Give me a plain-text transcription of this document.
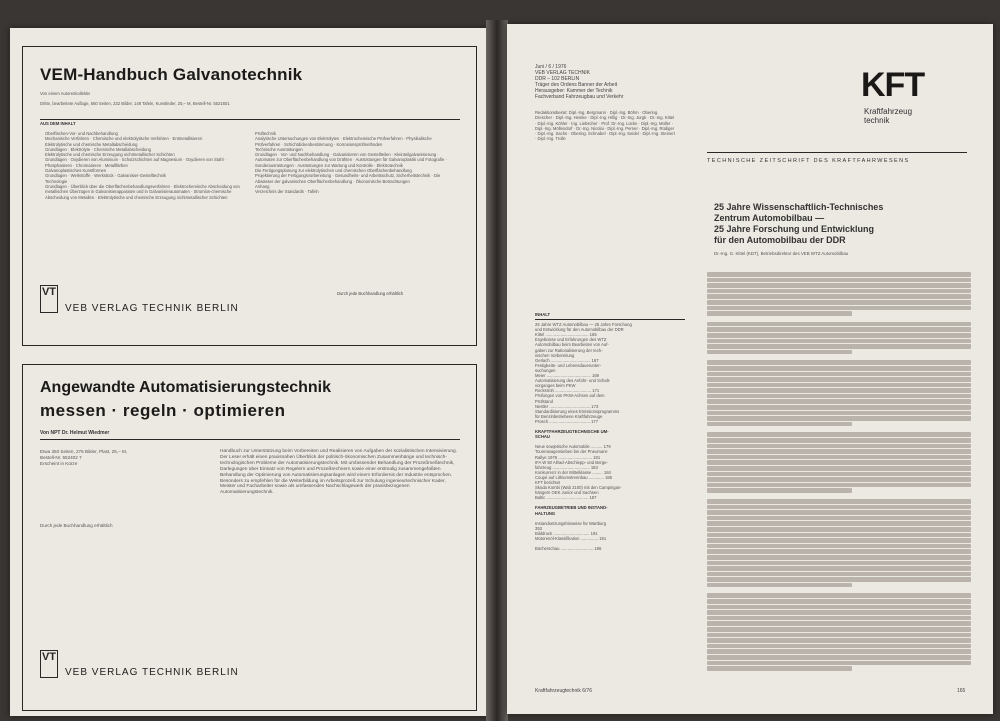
VEM-Handbuch Galvanotechnik
Von einem Autorenkollektiv
Dritte, bearbeitete Auflage, 560 Seiten, 232 Bilder, 148 Tafeln, Kunstleder, 25,– M, Bestell-Nr. 5521601
AUS DEM INHALT
Oberflächen-Vor- und Nachbehandlung
Mechanische Verfahren · Chemische und elektrolytische Verfahren · Entmetallisieren
Elektrolytische und chemische Metallabscheidung
Grundlagen · Elektrolyte · Chemische Metallabscheidung
Elektrolytische und chemische Erzeugung nichtmetallischer Schichten
Grundlagen · Oxydieren von Aluminium · Schutzschichten auf Magnesium · Oxydieren von Stahl · Phosphatieren · Chromatieren · Metallfärben
Galvanoplastisches Kunstformen
Grundlagen · Werkstoffe · Werkstück · Galvanisier-Gestelltechnik
Technologie
Grundlagen · Überblick über die Oberflächenbehandlungsverfahren · Elektrochemische Abscheidung von metallischen Überzügen in Galvanisierapparaten und in Galvanisierautomaten · Stromlos-chemische Abscheidung von Metallen · Elektrolytische und chemische Erzeugung nichtmetallischer Schichten
Prüftechnik
Analytische Untersuchungen von Elektrolyten · Elektrochemische Prüfverfahren · Physikalische Prüfverfahren · Schichtdickenbestimmung · Korrosionsprüfmethoden
Technische Ausrüstungen
Grundlagen · Vor- und Nachbehandlung · Galvanisieren von Gestellteilen · Kleinteilgalvanisierung · Automaten zur Oberflächenbehandlung von Drähten · Ausrüstungen für Galvanoplastik und Fotografie · Sonderausrüstungen · Ausrüstungen zur Wartung und Kontrolle · Elektrotechnik
Die Fertigungsplanung zur elektrolytischen und chemischen Oberflächenbehandlung
Projektierung der Fertigungsvorbereitung · Gesundheits- und Arbeitsschutz, Sicherheitstechnik · Die Abwässer der galvanischen Oberflächenbehandlung · Ökonomische Betrachtungen
Anhang
Verzeichnis der Standards · Tafeln
Durch jede Buchhandlung erhältlich
VT
VEB VERLAG TECHNIK BERLIN
Angewandte Automatisierungstechnik
messen · regeln · optimieren
Von NPT Dr. Helmut Wiedmer
Etwa 350 Seiten, 276 Bilder, Plast, 25,– M, Bestell-Nr. 552402 7
Erscheint in Kürze
Durch jede Buchhandlung erhältlich
Handbuch zur Unterstützung beim Vorbereiten und Realisieren von Aufgaben der sozialistischen Intensivierung. Der Leser erhält einen praxisnahen Überblick der politisch-ökonomischen Zusammenhänge und technisch-technologischen Probleme der Automatisierungstechnik. Mit umfassender Behandlung der Prozeßmeßtechnik, Darlegungen über Einsatz von Regelern und Prozeßrechnern sowie einer erstmalig zusammengefaßten Behandlung der Optimierung von Automatisierungsanlagen wird einem Erfordernis der Industrie entsprochen. Besonders zu empfehlen für die Weiterbildung im Arbeitsprozeß zur Schulung ingenieurtechnischer Kader, Meister und Facharbeiter sowie als umfassendes Nachschlagewerk der praxisbezogenen Automatisierungstechnik.
VT
VEB VERLAG TECHNIK BERLIN
Juni / 6 / 1976
VEB VERLAG TECHNIK
DDR – 102 BERLIN
Träger des Ordens Banner der Arbeit
Herausgeber: Kammer der Technik
Fachverband Fahrzeugbau und Verkehr
Redaktionsbeirat: Dipl.-Ing. Bergmann · Dipl.-Ing. Böhm · Obering. Drescher · Dipl.-Ing. Heinke · Dipl.-Ing. Hillig · Dr.-Ing. Jurgk · Dr.-Ing. Kittel · Dipl.-Ing. Köhler · Ing. Liebscher · Prof. Dr.-Ing. Lücke · Dipl.-Ing. Müller · Dipl.-Ing. Möllendorf · Dr.-Ing. Nicolai · Dipl.-Ing. Perner · Dipl.-Ing. Rüdiger · Dipl.-Ing. Sachs · Obering. Schnabel · Dipl.-Ing. Seidel · Dipl.-Ing. Steinert · Dipl.-Ing. Trolle
KFT
Kraftfahrzeug
technik
TECHNISCHE ZEITSCHRIFT DES KRAFTFAHRWESENS
25 Jahre Wissenschaftlich-Technisches
Zentrum Automobilbau —
25 Jahre Forschung und Entwicklung
für den Automobilbau der DDR
Dr.-Ing. G. Kittel (KDT), Betriebsdirektor des VEB WTZ Automobilbau
INHALT
25 Jahre WTZ Automobilbau — 25 Jahre Forschung
und Entwicklung für den Automobilbau der DDR
Kittel ..................................... 165
Ergebnisse und Erfahrungen des WTZ
Automobilbau beim Bearbeiten von Auf-
gaben zur Rationalisierung der tech-
nischen Vorbereitung
Gerlach .................................. 167
Festigkeits- und Lebensdauerunter-
suchungen
Meier ...................................... 169
Automatisierung des Anfahr- und Schalt-
vorganges beim PKW
Rockstroh ............................... 171
Prüfungen von PKW-Achsen auf dem
Prüfstand
Nestler ................................... 173
Standardisierung eines Emissionsprogramms
für Benzinbetriebene Kraftfahrzeuge
Prosch ................................... 177

KRAFTFAHRZEUGTECHNISCHE UM-
SCHAU

Neue sowjetische Automobile .......... 179
Tourenwagensieben bei der Pneumant-
Rallye 1976 ............................. 181
IFA W 50 Allrad-Abschlepp- und Berge-
fahrzeug ................................ 183
Konkurrenz in der Mittelklasse ......... 184
Coupé auf Lithiumstrennbau ............. 185
KFT berichtet
Skoda Kombi (Wab 2100) mit den Campingan-
hängern OEK Junior und Sachsen
Baltic .................................... 187

FAHRZEUGBETRIEB UND INSTAND-
HALTUNG

Instandsetzungshinweise für Wartburg
353
Bilddruck ............................... 191
Motorenöl-Klassifikation ............... 191

Bücherschau ............................ 196
Kraftfahrzeugtechnik 6/76	165
